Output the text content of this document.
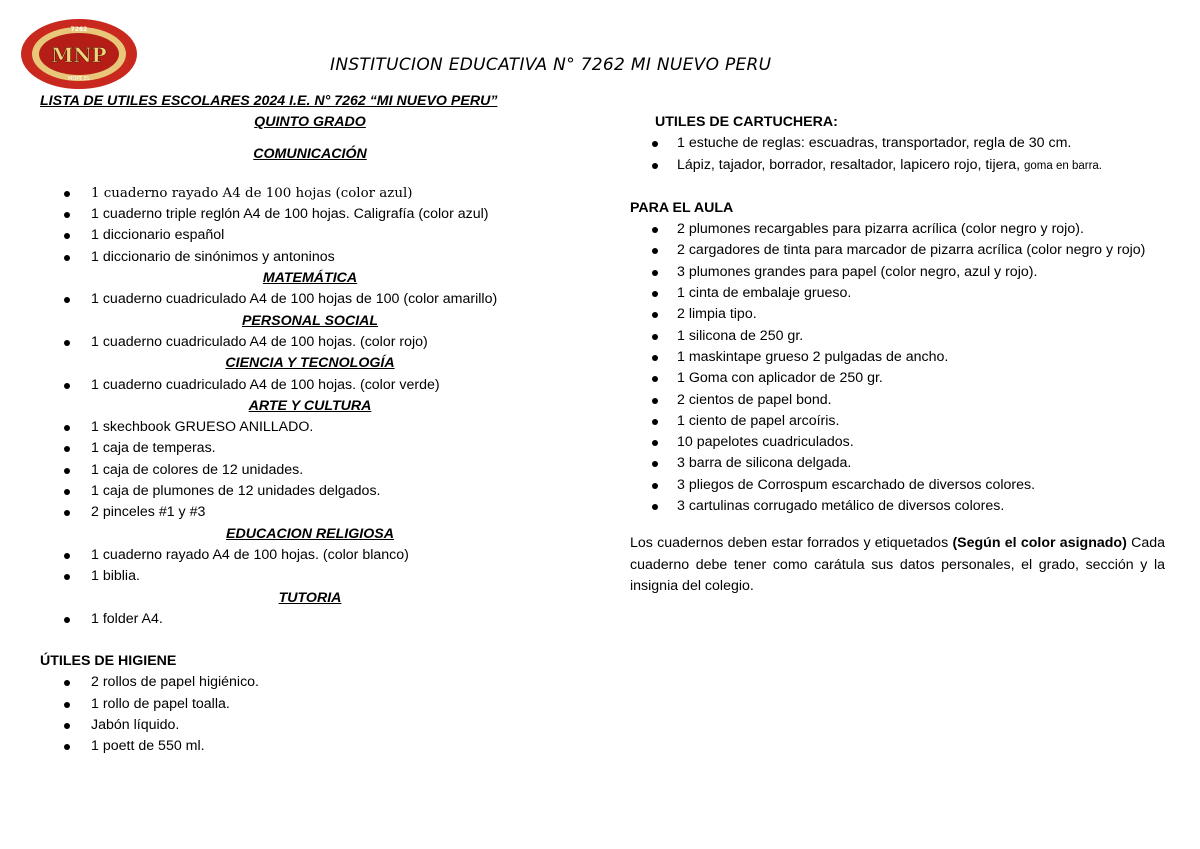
7262
MNP
MOPE EL
INSTITUCION EDUCATIVA N° 7262 MI NUEVO PERU
LISTA DE UTILES ESCOLARES 2024 I.E. N° 7262 “MI NUEVO PERU”
QUINTO GRADO
COMUNICACIÓN
1 cuaderno rayado A4 de 100 hojas (color azul)
1 cuaderno triple reglón A4 de 100 hojas. Caligrafía (color azul)
1 diccionario español
1 diccionario de sinónimos y antoninos
MATEMÁTICA
1 cuaderno cuadriculado A4 de 100 hojas de 100 (color amarillo)
PERSONAL SOCIAL
1 cuaderno cuadriculado A4 de 100 hojas. (color rojo)
CIENCIA Y TECNOLOGÍA
1 cuaderno cuadriculado A4 de 100 hojas. (color verde)
ARTE Y CULTURA
1 skechbook GRUESO ANILLADO.
1 caja de temperas.
1 caja de colores de 12 unidades.
1 caja de plumones de 12 unidades delgados.
2 pinceles #1 y #3
EDUCACION RELIGIOSA
1 cuaderno rayado A4 de 100 hojas. (color blanco)
1 biblia.
TUTORIA
1 folder A4.
ÚTILES DE HIGIENE
2 rollos de papel higiénico.
1 rollo de papel toalla.
Jabón líquido.
1 poett de 550 ml.
UTILES DE CARTUCHERA:
1 estuche de reglas: escuadras, transportador, regla de 30 cm.
Lápiz, tajador, borrador, resaltador, lapicero rojo, tijera, goma en barra.
PARA EL AULA
2 plumones recargables para pizarra acrílica (color negro y rojo).
2 cargadores de tinta para marcador de pizarra acrílica (color negro y rojo)
3 plumones grandes para papel (color negro, azul y rojo).
1 cinta de embalaje grueso.
2 limpia tipo.
1 silicona de 250 gr.
1 maskintape grueso 2 pulgadas de ancho.
1 Goma con aplicador de 250 gr.
2 cientos de papel bond.
1 ciento de papel arcoíris.
10 papelotes cuadriculados.
3 barra de silicona delgada.
3 pliegos de Corrospum escarchado de diversos colores.
3 cartulinas corrugado metálico de diversos colores.
Los cuadernos deben estar forrados y etiquetados (Según el color asignado) Cada cuaderno debe tener como carátula sus datos personales, el grado, sección y la insignia del colegio.
